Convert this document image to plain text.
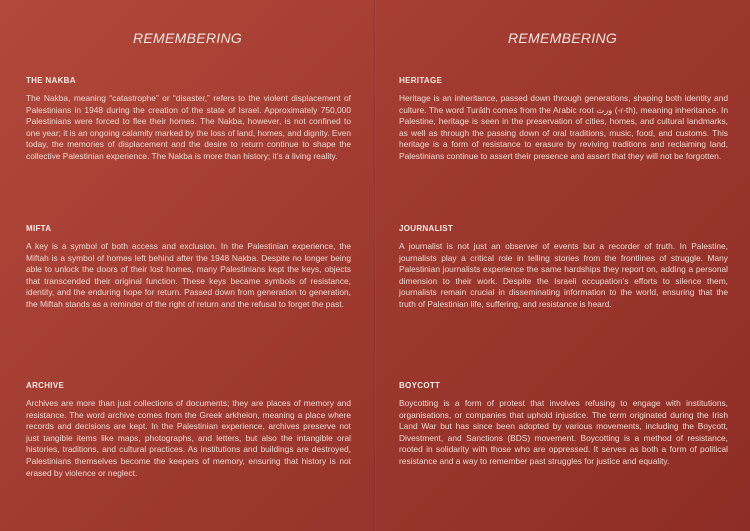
REMEMBERING
THE NAKBA

The Nakba, meaning “catastrophe” or “disaster,” refers to the violent displacement of Palestinians in 1948 during the creation of the state of Israel. Approximately 750,000 Palestinians were forced to flee their homes. The Nakba, however, is not confined to one year; it is an ongoing calamity marked by the loss of land, homes, and dignity. Even today, the memories of displacement and the desire to return continue to shape the collective Palestinian experience. The Nakba is more than history; it’s a living reality.

MIFTA

A key is a symbol of both access and exclusion. In the Palestinian experience, the Miftah is a symbol of homes left behind after the 1948 Nakba. Despite no longer being able to unlock the doors of their lost homes, many Palestinians kept the keys, objects that transcended their original function. These keys became symbols of resistance, identity, and the enduring hope for return. Passed down from generation to generation, the Miftah stands as a reminder of the right of return and the refusal to forget the past.

ARCHIVE

Archives are more than just collections of documents; they are places of memory and resistance. The word archive comes from the Greek arkheion, meaning a place where records and decisions are kept. In the Palestinian experience, archives preserve not just tangible items like maps, photographs, and letters, but also the intangible oral histories, traditions, and cultural practices. As institutions and buildings are destroyed, Palestinians themselves become the keepers of memory, ensuring that history is not erased by violence or neglect.

REMEMBERING
HERITAGE

Heritage is an inheritance, passed down through generations, shaping both identity and culture. The word Turāth comes from the Arabic root ورث (‑r‑th), meaning inheritance. In Palestine, heritage is seen in the preservation of cities, homes, and cultural landmarks, as well as through the passing down of oral traditions, music, food, and customs. This heritage is a form of resistance to erasure by reviving traditions and reclaiming land, Palestinians continue to assert their presence and assert that they will not be forgotten.

JOURNALIST

A journalist is not just an observer of events but a recorder of truth. In Palestine, journalists play a critical role in telling stories from the frontlines of struggle. Many Palestinian journalists experience the same hardships they report on, adding a personal dimension to their work. Despite the Israeli occupation’s efforts to silence them, journalists remain crucial in disseminating information to the world, ensuring that the truth of Palestinian life, suffering, and resistance is heard.

BOYCOTT

Boycotting is a form of protest that involves refusing to engage with institutions, organisations, or companies that uphold injustice. The term originated during the Irish Land War but has since been adopted by various movements, including the Boycott, Divestment, and Sanctions (BDS) movement. Boycotting is a method of resistance, rooted in solidarity with those who are oppressed. It serves as both a form of political resistance and a way to remember past struggles for justice and equality.
